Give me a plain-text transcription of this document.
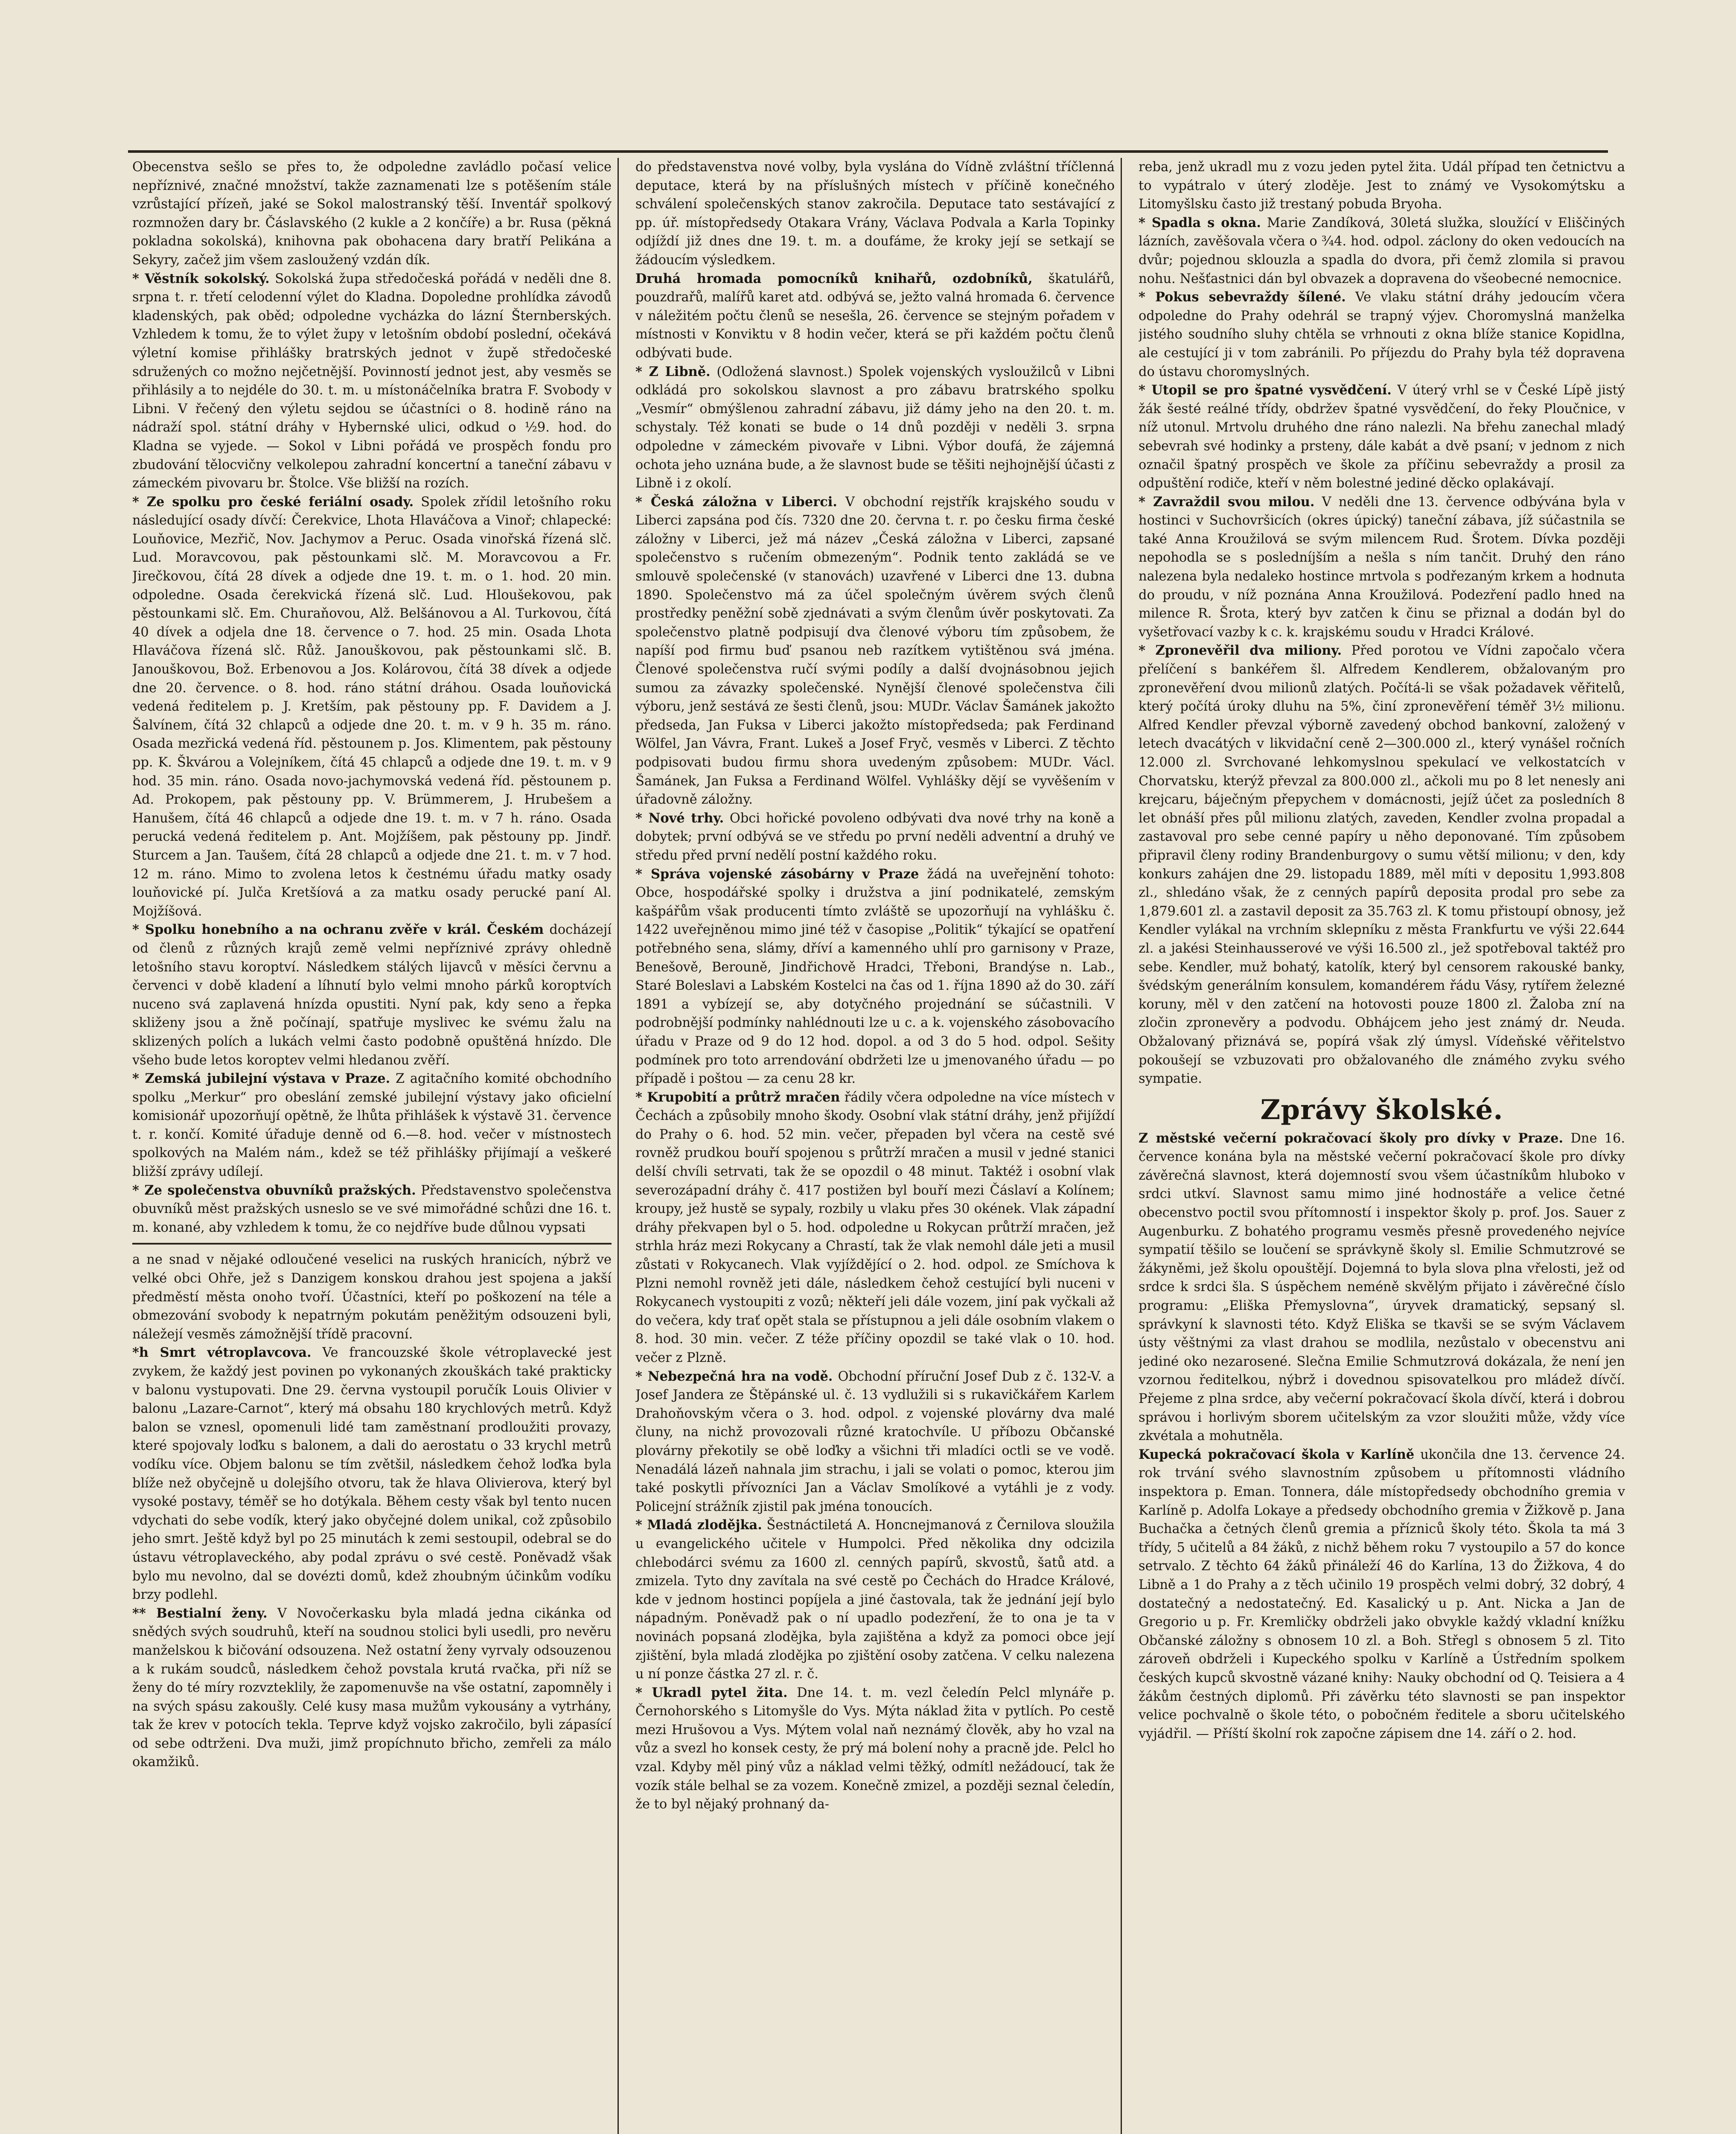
Obecenstva sešlo se přes to, že odpoledne zavládlo počasí velice nepříznivé, značné množství, takže zaznamenati lze s potěšením stále vzrůstající přízeň, jaké se Sokol malostranský těší. Inventář spolkový rozmnožen dary br. Čáslavského (2 kukle a 2 končíře) a br. Rusa (pěkná pokladna sokolská), knihovna pak obohacena dary bratří Pelikána a Sekyry, začež jim všem zasloužený vzdán dík.

* Věstník sokolský. Sokolská župa středočeská pořádá v neděli dne 8. srpna t. r. třetí celodenní výlet do Kladna. Dopoledne prohlídka závodů kladenských, pak oběd; odpoledne vycházka do lázní Šternberských. Vzhledem k tomu, že to výlet župy v letošním období poslední, očekává výletní komise přihlášky bratrských jednot v župě středočeské sdružených co možno nejčetnější. Povinností jednot jest, aby vesměs se přihlásily a to nejdéle do 30. t. m. u místonáčelníka bratra F. Svobody v Libni. V řečený den výletu sejdou se účastníci o 8. hodině ráno na nádraží spol. státní dráhy v Hybernské ulici, odkud o ½9. hod. do Kladna se vyjede. — Sokol v Libni pořádá ve prospěch fondu pro zbudování tělocvičny velkolepou zahradní koncertní a taneční zábavu v zámeckém pivovaru br. Štolce. Vše bližší na rozích.

* Ze spolku pro české feriální osady. Spolek zřídil letošního roku následující osady dívčí: Čerekvice, Lhota Hlaváčova a Vinoř; chlapecké: Louňovice, Mezřič, Nov. Jachymov a Peruc. Osada vinořská řízená slč. Lud. Moravcovou, pak pěstounkami slč. M. Moravcovou a Fr. Jirečkovou, čítá 28 dívek a odjede dne 19. t. m. o 1. hod. 20 min. odpoledne. Osada čerekvická řízená slč. Lud. Hloušekovou, pak pěstounkami slč. Em. Churaňovou, Alž. Belšánovou a Al. Turkovou, čítá 40 dívek a odjela dne 18. července o 7. hod. 25 min. Osada Lhota Hlaváčova řízená slč. Růž. Janouškovou, pak pěstounkami slč. B. Janouškovou, Bož. Erbenovou a Jos. Kolárovou, čítá 38 dívek a odjede dne 20. července. o 8. hod. ráno státní dráhou. Osada louňovická vedená ředitelem p. J. Kretším, pak pěstouny pp. F. Davidem a J. Šalvínem, čítá 32 chlapců a odjede dne 20. t. m. v 9 h. 35 m. ráno. Osada mezřická vedená říd. pěstounem p. Jos. Klimentem, pak pěstouny pp. K. Škvárou a Volejníkem, čítá 45 chlapců a odjede dne 19. t. m. v 9 hod. 35 min. ráno. Osada novo-jachymovská vedená říd. pěstounem p. Ad. Prokopem, pak pěstouny pp. V. Brümmerem, J. Hrubešem a Hanušem, čítá 46 chlapců a odjede dne 19. t. m. v 7 h. ráno. Osada perucká vedená ředitelem p. Ant. Mojžíšem, pak pěstouny pp. Jindř. Sturcem a Jan. Taušem, čítá 28 chlapců a odjede dne 21. t. m. v 7 hod. 12 m. ráno. Mimo to zvolena letos k čestnému úřadu matky osady louňovické pí. Julča Kretšíová a za matku osady perucké paní Al. Mojžíšová.

* Spolku honebního a na ochranu zvěře v král. Českém docházejí od členů z různých krajů země velmi nepříznivé zprávy ohledně letošního stavu koroptví. Následkem stálých lijavců v měsíci červnu a červenci v době kladení a líhnutí bylo velmi mnoho párků koroptvích nuceno svá zaplavená hnízda opustiti. Nyní pak, kdy seno a řepka skliženy jsou a žně počínají, spatřuje myslivec ke svému žalu na sklizených polích a lukách velmi často podobně opuštěná hnízdo. Dle všeho bude letos koroptev velmi hledanou zvěří.

* Zemská jubilejní výstava v Praze. Z agitačního komité obchodního spolku „Merkur“ pro obeslání zemské jubilejní výstavy jako oficielní komisionář upozorňují opětně, že lhůta přihlášek k výstavě 31. července t. r. končí. Komité úřaduje denně od 6.—8. hod. večer v místnostech spolkových na Malém nám., kdež se též přihlášky přijímají a veškeré bližší zprávy udílejí.

* Ze společenstva obuvníků pražských. Představenstvo společenstva obuvníků měst pražských usneslo se ve své mimořádné schůzi dne 16. t. m. konané, aby vzhledem k tomu, že co nejdříve bude důlnou vypsati

a ne snad v nějaké odloučené veselici na ruských hranicích, nýbrž ve velké obci Ohře, jež s Danzigem konskou drahou jest spojena a jakší předměstí města onoho tvoří. Účastníci, kteří po poškození na téle a obmezování svobody k nepatrným pokutám peněžitým odsouzeni byli, náležejí vesměs zámožnější třídě pracovní.

*h Smrt vétroplavcova. Ve francouzské škole vétroplavecké jest zvykem, že každý jest povinen po vykonaných zkouškách také prakticky v balonu vystupovati. Dne 29. června vystoupil poručík Louis Olivier v balonu „Lazare-Carnot“, který má obsahu 180 krychlových metrů. Když balon se vznesl, opomenuli lidé tam zaměstnaní prodloužiti provazy, které spojovaly loďku s balonem, a dali do aerostatu o 33 krychl metrů vodíku více. Objem balonu se tím zvětšil, následkem čehož loďka byla blíže než obyčejně u dolejšího otvoru, tak že hlava Olivierova, který byl vysoké postavy, téměř se ho dotýkala. Během cesty však byl tento nucen vdychati do sebe vodík, který jako obyčejné dolem unikal, což způsobilo jeho smrt. Ještě když byl po 25 minutách k zemi sestoupil, odebral se do ústavu vétroplaveckého, aby podal zprávu o své cestě. Poněvadž však bylo mu nevolno, dal se dovézti domů, kdež zhoubným účinkům vodíku brzy podlehl.

** Bestialní ženy. V Novočerkasku byla mladá jedna cikánka od snědých svých soudruhů, kteří na soudnou stolici byli usedli, pro nevěru manželskou k bičování odsouzena. Než ostatní ženy vyrvaly odsouzenou a k rukám soudců, následkem čehož povstala krutá rvačka, při níž se ženy do té míry rozvzteklily, že zapomenuvše na vše ostatní, zapomněly i na svých spásu zakoušly. Celé kusy masa mužům vykousány a vytrhány, tak že krev v potocích tekla. Teprve když vojsko zakročilo, byli zápasící od sebe odtrženi. Dva muži, jimž propíchnuto břicho, zemřeli za málo okamžiků.

do představenstva nové volby, byla vyslána do Vídně zvláštní tříčlenná deputace, která by na příslušných místech v příčině konečného schválení společenských stanov zakročila. Deputace tato sestávající z pp. úř. místopředsedy Otakara Vrány, Václava Podvala a Karla Topinky odjíždí již dnes dne 19. t. m. a doufáme, že kroky její se setkají se žádoucím výsledkem.

Druhá hromada pomocníků knihařů, ozdobníků, škatulářů, pouzdrařů, malířů karet atd. odbývá se, ježto valná hromada 6. července v náležitém počtu členů se nesešla, 26. července se stejným pořadem v místnosti v Konviktu v 8 hodin večer, která se při každém počtu členů odbývati bude.

* Z Libně. (Odložená slavnost.) Spolek vojenských vysloužilců v Libni odkládá pro sokolskou slavnost a pro zábavu bratrského spolku „Vesmír“ obmýšlenou zahradní zábavu, již dámy jeho na den 20. t. m. schystaly. Též konati se bude o 14 dnů později v neděli 3. srpna odpoledne v zámeckém pivovaře v Libni. Výbor doufá, že zájemná ochota jeho uznána bude, a že slavnost bude se těšiti nejhojnější účasti z Libně i z okolí.

* Česká záložna v Liberci. V obchodní rejstřík krajského soudu v Liberci zapsána pod čís. 7320 dne 20. června t. r. po česku firma české záložny v Liberci, jež má název „Česká záložna v Liberci, zapsané společenstvo s ručením obmezeným“. Podnik tento zakládá se ve smlouvě společenské (v stanovách) uzavřené v Liberci dne 13. dubna 1890. Společenstvo má za účel společným úvěrem svých členů prostředky peněžní sobě zjednávati a svým členům úvěr poskytovati. Za společenstvo platně podpisují dva členové výboru tím způsobem, že napíší pod firmu buď psanou neb razítkem vytištěnou svá jména. Členové společenstva ručí svými podíly a další dvojnásobnou jejich sumou za závazky společenské. Nynější členové společenstva čili výboru, jenž sestává ze šesti členů, jsou: MUDr. Václav Šamánek jakožto předseda, Jan Fuksa v Liberci jakožto místopředseda; pak Ferdinand Wölfel, Jan Vávra, Frant. Lukeš a Josef Fryč, vesměs v Liberci. Z těchto podpisovati budou firmu shora uvedeným způsobem: MUDr. Václ. Šamánek, Jan Fuksa a Ferdinand Wölfel. Vyhlášky dějí se vyvěšením v úřadovně záložny.

* Nové trhy. Obci hořické povoleno odbývati dva nové trhy na koně a dobytek; první odbývá se ve středu po první neděli adventní a druhý ve středu před první nedělí postní každého roku.

* Správa vojenské zásobárny v Praze žádá na uveřejnění tohoto: Obce, hospodářské spolky i družstva a jiní podnikatelé, zemským kašpářům však producenti tímto zvláště se upozorňují na vyhlášku č. 1422 uveřejněnou mimo jiné též v časopise „Politik“ týkající se opatření potřebného sena, slámy, dříví a kamenného uhlí pro garnisony v Praze, Benešově, Berouně, Jindřichově Hradci, Třeboni, Brandýse n. Lab., Staré Boleslavi a Labském Kostelci na čas od 1. října 1890 až do 30. září 1891 a vybízejí se, aby dotyčného projednání se súčastnili. V podrobnější podmínky nahlédnouti lze u c. a k. vojenského zásobovacího úřadu v Praze od 9 do 12 hod. dopol. a od 3 do 5 hod. odpol. Sešity podmínek pro toto arrendování obdržeti lze u jmenovaného úřadu — po případě i poštou — za cenu 28 kr.

* Krupobití a průtrž mračen řádily včera odpoledne na více místech v Čechách a způsobily mnoho škody. Osobní vlak státní dráhy, jenž přijíždí do Prahy o 6. hod. 52 min. večer, přepaden byl včera na cestě své rovněž prudkou bouří spojenou s průtrží mračen a musil v jedné stanici delší chvíli setrvati, tak že se opozdil o 48 minut. Taktéž i osobní vlak severozápadní dráhy č. 417 postižen byl bouří mezi Čáslaví a Kolínem; kroupy, jež hustě se sypaly, rozbily u vlaku přes 30 okének. Vlak západní dráhy překvapen byl o 5. hod. odpoledne u Rokycan průtrží mračen, jež strhla hráz mezi Rokycany a Chrastí, tak že vlak nemohl dále jeti a musil zůstati v Rokycanech. Vlak vyjíždějící o 2. hod. odpol. ze Smíchova k Plzni nemohl rovněž jeti dále, následkem čehož cestující byli nuceni v Rokycanech vystoupiti z vozů; někteří jeli dále vozem, jiní pak vyčkali až do večera, kdy trať opět stala se přístupnou a jeli dále osobním vlakem o 8. hod. 30 min. večer. Z téže příčiny opozdil se také vlak o 10. hod. večer z Plzně.

* Nebezpečná hra na vodě. Obchodní příruční Josef Dub z č. 132-V. a Josef Jandera ze Štěpánské ul. č. 13 vydlužili si s rukavičkářem Karlem Drahoňovským včera o 3. hod. odpol. z vojenské plovárny dva malé čluny, na nichž provozovali různé kratochvíle. U příbozu Občanské plovárny překotily se obě loďky a všichni tři mladíci octli se ve vodě. Nenadálá lázeň nahnala jim strachu, i jali se volati o pomoc, kterou jim také poskytli přívozníci Jan a Václav Smolíkové a vytáhli je z vody. Policejní strážník zjistil pak jména tonoucích.

* Mladá zlodějka. Šestnáctiletá A. Honcnejmanová z Černilova sloužila u evangelického učitele v Humpolci. Před několika dny odcizila chlebodárci svému za 1600 zl. cenných papírů, skvostů, šatů atd. a zmizela. Tyto dny zavítala na své cestě po Čechách do Hradce Králové, kde v jednom hostinci popíjela a jiné častovala, tak že jednání její bylo nápadným. Poněvadž pak o ní upadlo podezření, že to ona je ta v novinách popsaná zlodějka, byla zajištěna a když za pomoci obce její zjištění, byla mladá zlodějka po zjištění osoby zatčena. V celku nalezena u ní ponze částka 27 zl. r. č.

* Ukradl pytel žita. Dne 14. t. m. vezl čeledín Pelcl mlynáře p. Černohorského s Litomyšle do Vys. Mýta náklad žita v pytlích. Po cestě mezi Hrušovou a Vys. Mýtem volal naň neznámý člověk, aby ho vzal na vůz a svezl ho konsek cesty, že prý má bolení nohy a pracně jde. Pelcl ho vzal. Kdyby měl piný vůz a náklad velmi těžký, odmítl nežádoucí, tak že vozík stále belhal se za vozem. Konečně zmizel, a později seznal čeledín, že to byl nějaký prohnaný da-

reba, jenž ukradl mu z vozu jeden pytel žita. Udál případ ten četnictvu a to vypátralo v úterý zloděje. Jest to známý ve Vysokomýtsku a Litomyšlsku často již trestaný pobuda Bryoha.

* Spadla s okna. Marie Zandíková, 30letá služka, sloužící v Eliščiných lázních, zavěšovala včera o ¾4. hod. odpol. záclony do oken vedoucích na dvůr; pojednou sklouzla a spadla do dvora, při čemž zlomila si pravou nohu. Nešťastnici dán byl obvazek a dopravena do všeobecné nemocnice.

* Pokus sebevraždy šílené. Ve vlaku státní dráhy jedoucím včera odpoledne do Prahy odehrál se trapný výjev. Choromyslná manželka jistého soudního sluhy chtěla se vrhnouti z okna blíže stanice Kopidlna, ale cestující ji v tom zabránili. Po příjezdu do Prahy byla též dopravena do ústavu choromyslných.

* Utopil se pro špatné vysvědčení. V úterý vrhl se v České Lípě jistý žák šesté reálné třídy, obdržev špatné vysvědčení, do řeky Ploučnice, v níž utonul. Mrtvolu druhého dne ráno nalezli. Na břehu zanechal mladý sebevrah své hodinky a prsteny, dále kabát a dvě psaní; v jednom z nich označil špatný prospěch ve škole za příčinu sebevraždy a prosil za odpuštění rodiče, kteří v něm bolestné jediné děcko oplakávají.

* Zavraždil svou milou. V neděli dne 13. července odbývána byla v hostinci v Suchovršicích (okres úpický) taneční zábava, jíž súčastnila se také Anna Kroužilová se svým milencem Rud. Šrotem. Dívka později nepohodla se s posledníjším a nešla s ním tančit. Druhý den ráno nalezena byla nedaleko hostince mrtvola s podřezaným krkem a hodnuta do proudu, v níž poznána Anna Kroužilová. Podezření padlo hned na milence R. Šrota, který byv zatčen k činu se přiznal a dodán byl do vyšetřovací vazby k c. k. krajskému soudu v Hradci Králové.

* Zpronevěřil dva miliony. Před porotou ve Vídni započalo včera přelíčení s bankéřem šl. Alfredem Kendlerem, obžalovaným pro zpronevěření dvou milionů zlatých. Počítá-li se však požadavek věřitelů, který počítá úroky dluhu na 5%, činí zpronevěření téměř 3½ milionu. Alfred Kendler převzal výborně zavedený obchod bankovní, založený v letech dvacátých v likvidační ceně 2—300.000 zl., který vynášel ročních 12.000 zl. Svrchované lehkomyslnou spekulací ve velkostatcích v Chorvatsku, kterýž převzal za 800.000 zl., ačkoli mu po 8 let nenesly ani krejcaru, báječným přepychem v domácnosti, jejíž účet za posledních 8 let obnáší přes půl milionu zlatých, zaveden, Kendler zvolna propadal a zastavoval pro sebe cenné papíry u něho deponované. Tím způsobem připravil členy rodiny Brandenburgovy o sumu větší milionu; v den, kdy konkurs zahájen dne 29. listopadu 1889, měl míti v depositu 1,993.808 zl., shledáno však, že z cenných papírů deposita prodal pro sebe za 1,879.601 zl. a zastavil deposit za 35.763 zl. K tomu přistoupí obnosy, jež Kendler vylákal na vrchním sklepníku z města Frankfurtu ve výši 22.644 zl. a jakési Steinhausserové ve výši 16.500 zl., jež spotřeboval taktéž pro sebe. Kendler, muž bohatý, katolík, který byl censorem rakouské banky, švédským generálním konsulem, komandérem řádu Vásy, rytířem železné koruny, měl v den zatčení na hotovosti pouze 1800 zl. Žaloba zní na zločin zpronevěry a podvodu. Obhájcem jeho jest známý dr. Neuda. Obžalovaný přiznává se, popírá však zlý úmysl. Vídeňské věřitelstvo pokoušejí se vzbuzovati pro obžalovaného dle známého zvyku svého sympatie.

Zprávy školské.

Z městské večerní pokračovací školy pro dívky v Praze. Dne 16. července konána byla na městské večerní pokračovací škole pro dívky závěrečná slavnost, která dojemností svou všem účastníkům hluboko v srdci utkví. Slavnost samu mimo jiné hodnostáře a velice četné obecenstvo poctil svou přítomností i inspektor školy p. prof. Jos. Sauer z Augenburku. Z bohatého programu vesměs přesně provedeného nejvíce sympatií těšilo se loučení se správkyně školy sl. Emilie Schmutzrové se žákyněmi, jež školu opouštějí. Dojemná to byla slova plna vřelosti, jež od srdce k srdci šla. S úspěchem neméně skvělým přijato i závěrečné číslo programu: „Eliška Přemyslovna“, úryvek dramatický, sepsaný sl. správkyní k slavnosti této. Když Eliška se tkavši se se svým Václavem ústy věštnými za vlast drahou se modlila, nezůstalo v obecenstvu ani jediné oko nezarosené. Slečna Emilie Schmutzrová dokázala, že není jen vzornou ředitelkou, nýbrž i dovednou spisovatelkou pro mládež dívčí. Přejeme z plna srdce, aby večerní pokračovací škola dívčí, která i dobrou správou i horlivým sborem učitelským za vzor sloužiti může, vždy více zkvétala a mohutněla.

Kupecká pokračovací škola v Karlíně ukončila dne 13. července 24. rok trvání svého slavnostním způsobem u přítomnosti vládního inspektora p. Eman. Tonnera, dále místopředsedy obchodního gremia v Karlíně p. Adolfa Lokaye a předsedy obchodního gremia v Žižkově p. Jana Buchačka a četných členů gremia a přízniců školy této. Škola ta má 3 třídy, 5 učitelů a 84 žáků, z nichž během roku 7 vystoupilo a 57 do konce setrvalo. Z těchto 64 žáků přináleží 46 do Karlína, 13 do Žižkova, 4 do Libně a 1 do Prahy a z těch učinilo 19 prospěch velmi dobrý, 32 dobrý, 4 dostatečný a nedostatečný. Ed. Kasalický u p. Ant. Nicka a Jan de Gregorio u p. Fr. Kremličky obdrželi jako obvykle každý vkladní knížku Občanské záložny s obnosem 10 zl. a Boh. Střegl s obnosem 5 zl. Tito zároveň obdrželi i Kupeckého spolku v Karlíně a Ústředním spolkem českých kupců skvostně vázané knihy: Nauky obchodní od Q. Teisiera a 4 žákům čestných diplomů. Při závěrku této slavnosti se pan inspektor velice pochvalně o škole této, o pobočném ředitele a sboru učitelského vyjádřil. — Příští školní rok započne zápisem dne 14. září o 2. hod.
